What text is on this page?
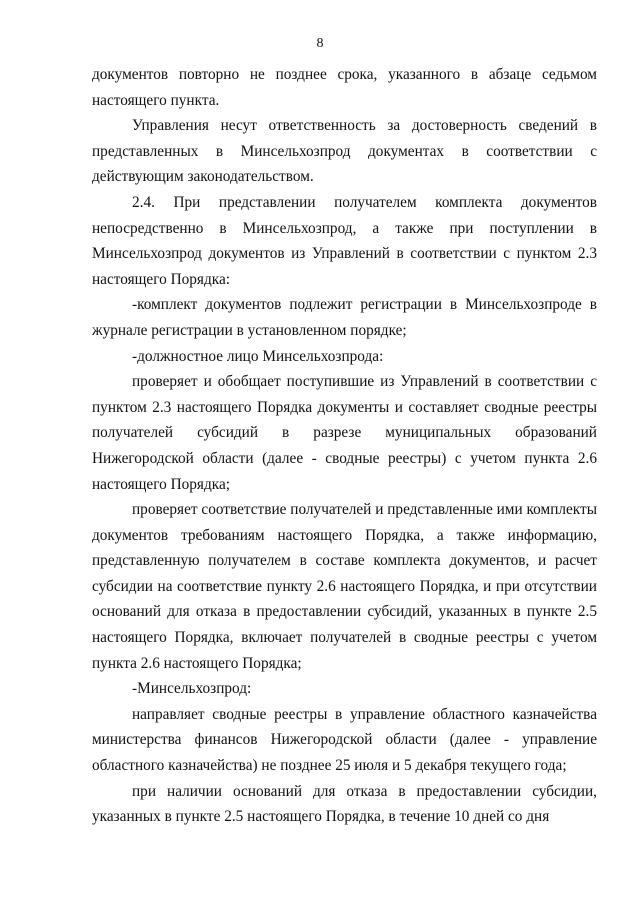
8

документов повторно не позднее срока, указанного в абзаце седьмом настоящего пункта.

Управления несут ответственность за достоверность сведений в представленных в Минсельхозпрод документах в соответствии с действующим законодательством.

2.4. При представлении получателем комплекта документов непосредственно в Минсельхозпрод, а также при поступлении в Минсельхозпрод документов из Управлений в соответствии с пунктом 2.3 настоящего Порядка:

-комплект документов подлежит регистрации в Минсельхозпроде в журнале регистрации в установленном порядке;

-должностное лицо Минсельхозпрода:

проверяет и обобщает поступившие из Управлений в соответствии с пунктом 2.3 настоящего Порядка документы и составляет сводные реестры получателей субсидий в разрезе муниципальных образований Нижегородской области (далее - сводные реестры) с учетом пункта 2.6 настоящего Порядка;

проверяет соответствие получателей и представленные ими комплекты документов требованиям настоящего Порядка, а также информацию, представленную получателем в составе комплекта документов, и расчет субсидии на соответствие пункту 2.6 настоящего Порядка, и при отсутствии оснований для отказа в предоставлении субсидий, указанных в пункте 2.5 настоящего Порядка, включает получателей в сводные реестры с учетом пункта 2.6 настоящего Порядка;

-Минсельхозпрод:

направляет сводные реестры в управление областного казначейства министерства финансов Нижегородской области (далее - управление областного казначейства) не позднее 25 июля и 5 декабря текущего года;

при наличии оснований для отказа в предоставлении субсидии, указанных в пункте 2.5 настоящего Порядка, в течение 10 дней со дня
